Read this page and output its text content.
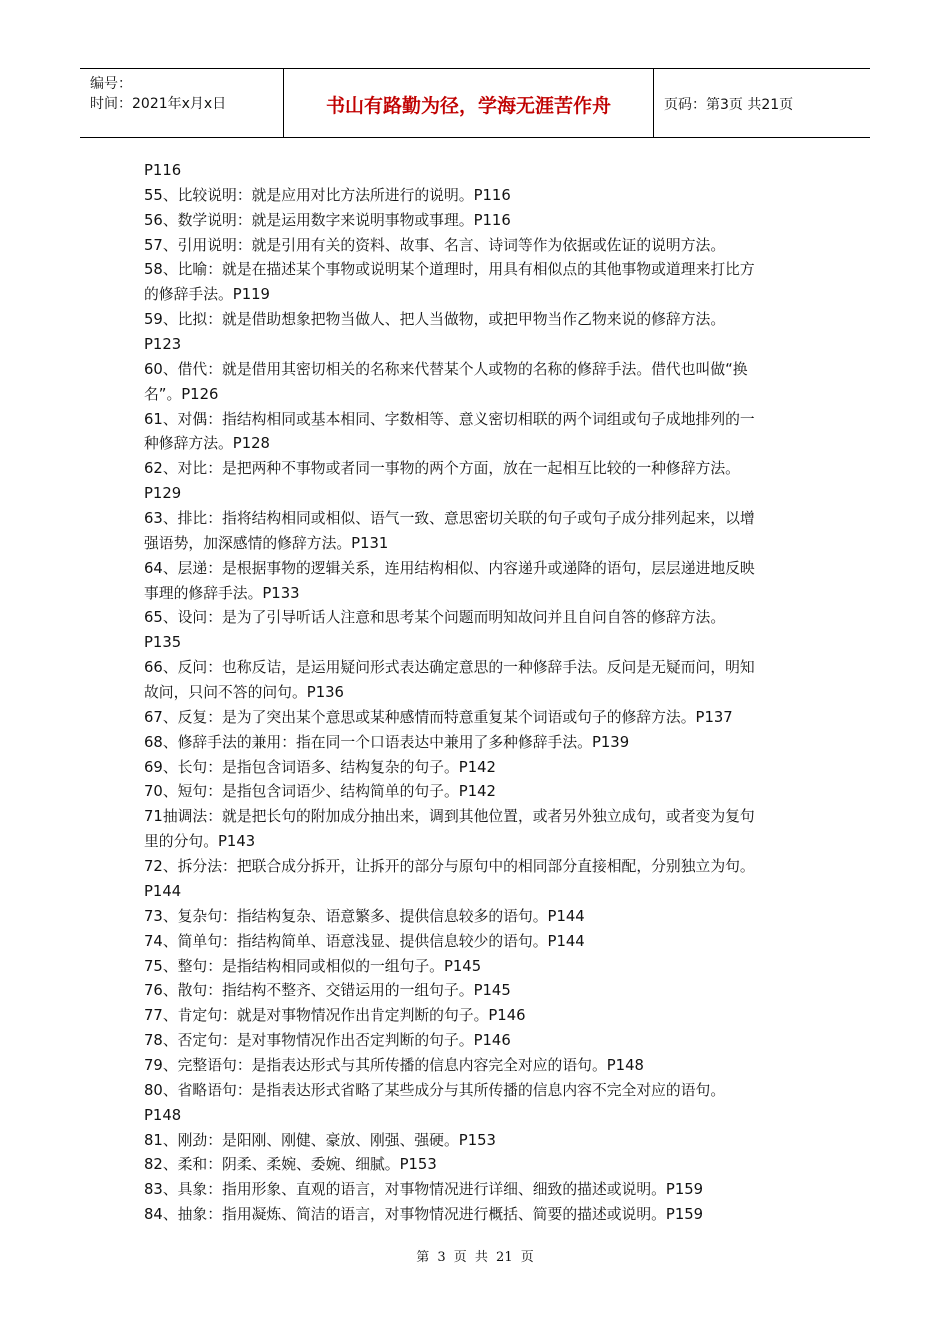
编号：
时间：2021年x月x日	书山有路勤为径，学海无涯苦作舟	页码：第3页 共21页
P116
55、比较说明：就是应用对比方法所进行的说明。P116
56、数学说明：就是运用数字来说明事物或事理。P116
57、引用说明：就是引用有关的资料、故事、名言、诗词等作为依据或佐证的说明方法。
58、比喻：就是在描述某个事物或说明某个道理时，用具有相似点的其他事物或道理来打比方
的修辞手法。P119
59、比拟：就是借助想象把物当做人、把人当做物，或把甲物当作乙物来说的修辞方法。
P123
60、借代：就是借用其密切相关的名称来代替某个人或物的名称的修辞手法。借代也叫做“换
名”。P126
61、对偶：指结构相同或基本相同、字数相等、意义密切相联的两个词组或句子成地排列的一
种修辞方法。P128
62、对比：是把两种不事物或者同一事物的两个方面，放在一起相互比较的一种修辞方法。
P129
63、排比：指将结构相同或相似、语气一致、意思密切关联的句子或句子成分排列起来，以增
强语势，加深感情的修辞方法。P131
64、层递：是根据事物的逻辑关系，连用结构相似、内容递升或递降的语句，层层递进地反映
事理的修辞手法。P133
65、设问：是为了引导听话人注意和思考某个问题而明知故问并且自问自答的修辞方法。
P135
66、反问：也称反诘，是运用疑问形式表达确定意思的一种修辞手法。反问是无疑而问，明知
故问，只问不答的问句。P136
67、反复：是为了突出某个意思或某种感情而特意重复某个词语或句子的修辞方法。P137
68、修辞手法的兼用：指在同一个口语表达中兼用了多种修辞手法。P139
69、长句：是指包含词语多、结构复杂的句子。P142
70、短句：是指包含词语少、结构简单的句子。P142
71抽调法：就是把长句的附加成分抽出来，调到其他位置，或者另外独立成句，或者变为复句
里的分句。P143
72、拆分法：把联合成分拆开，让拆开的部分与原句中的相同部分直接相配，分别独立为句。
P144
73、复杂句：指结构复杂、语意繁多、提供信息较多的语句。P144
74、简单句：指结构简单、语意浅显、提供信息较少的语句。P144
75、整句：是指结构相同或相似的一组句子。P145
76、散句：指结构不整齐、交错运用的一组句子。P145
77、肯定句：就是对事物情况作出肯定判断的句子。P146
78、否定句：是对事物情况作出否定判断的句子。P146
79、完整语句：是指表达形式与其所传播的信息内容完全对应的语句。P148
80、省略语句：是指表达形式省略了某些成分与其所传播的信息内容不完全对应的语句。
P148
81、刚劲：是阳刚、刚健、豪放、刚强、强硬。P153
82、柔和：阴柔、柔婉、委婉、细腻。P153
83、具象：指用形象、直观的语言，对事物情况进行详细、细致的描述或说明。P159
84、抽象：指用凝炼、简洁的语言，对事物情况进行概括、简要的描述或说明。P159
第 3 页 共 21 页
